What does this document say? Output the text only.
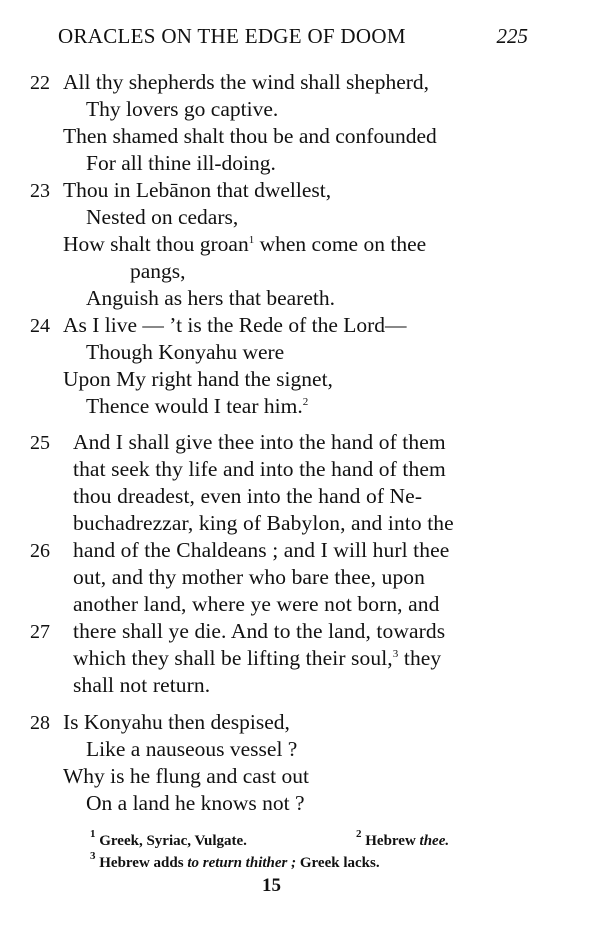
ORACLES ON THE EDGE OF DOOM	225
22
23
24
25
26
27
28
All thy shepherds the wind shall shepherd,
Thy lovers go captive.
Then shamed shalt thou be and confounded
For all thine ill-doing.
Thou in Lebānon that dwellest,
Nested on cedars,
How shalt thou groan$^1$ when come on thee
pangs,
Anguish as hers that beareth.
As I live — ’t is the Rede of the Lord—
Though Konyahu were
Upon My right hand the signet,
Thence would I tear him.$^2$
And I shall give thee into the hand of them
that seek thy life and into the hand of them
thou dreadest, even into the hand of Ne-
buchadrezzar, king of Babylon, and into the
hand of the Chaldeans ; and I will hurl thee
out, and thy mother who bare thee, upon
another land, where ye were not born, and
there shall ye die. And to the land, towards
which they shall be lifting their soul,$^3$ they
shall not return.
Is Konyahu then despised,
Like a nauseous vessel ?
Why is he flung and cast out
On a land he knows not ?
$^1$ Greek, Syriac, Vulgate.	$^2$ Hebrew thee.
$^3$ Hebrew adds to return thither ; Greek lacks.
15
